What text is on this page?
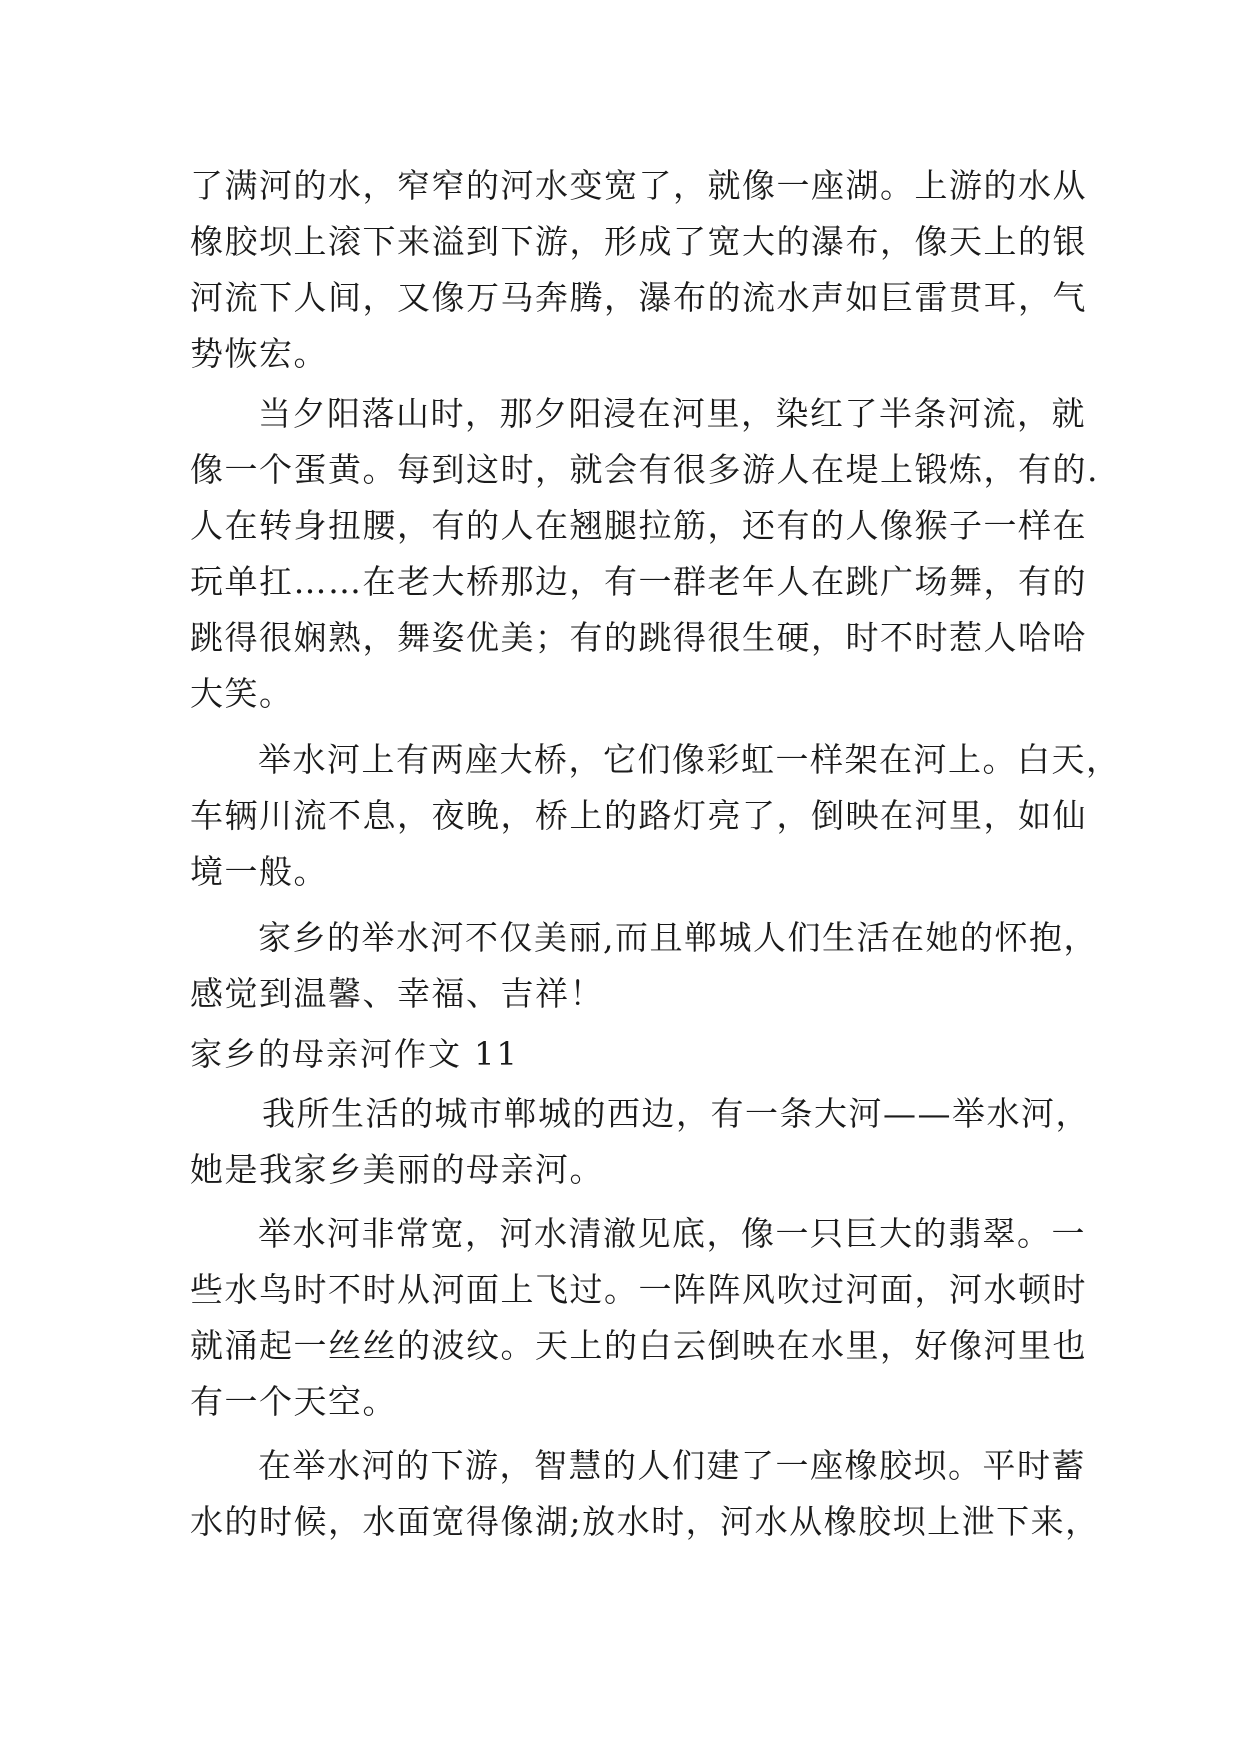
了满河的水，窄窄的河水变宽了，就像一座湖。上游的水从
橡胶坝上滚下来溢到下游，形成了宽大的瀑布，像天上的银
河流下人间，又像万马奔腾，瀑布的流水声如巨雷贯耳，气
势恢宏。
当夕阳落山时，那夕阳浸在河里，染红了半条河流，就
像一个蛋黄。每到这时，就会有很多游人在堤上锻炼，有的.
人在转身扭腰，有的人在翘腿拉筋，还有的人像猴子一样在
玩单扛……在老大桥那边，有一群老年人在跳广场舞，有的
跳得很娴熟，舞姿优美；有的跳得很生硬，时不时惹人哈哈
大笑。
举水河上有两座大桥，它们像彩虹一样架在河上。白天，
车辆川流不息，夜晚，桥上的路灯亮了，倒映在河里，如仙
境一般。
家乡的举水河不仅美丽,而且郸城人们生活在她的怀抱，
感觉到温馨、幸福、吉祥！
家乡的母亲河作文 11
我所生活的城市郸城的西边，有一条大河——举水河，
她是我家乡美丽的母亲河。
举水河非常宽，河水清澈见底，像一只巨大的翡翠。一
些水鸟时不时从河面上飞过。一阵阵风吹过河面，河水顿时
就涌起一丝丝的波纹。天上的白云倒映在水里，好像河里也
有一个天空。
在举水河的下游，智慧的人们建了一座橡胶坝。平时蓄
水的时候，水面宽得像湖;放水时，河水从橡胶坝上泄下来，
